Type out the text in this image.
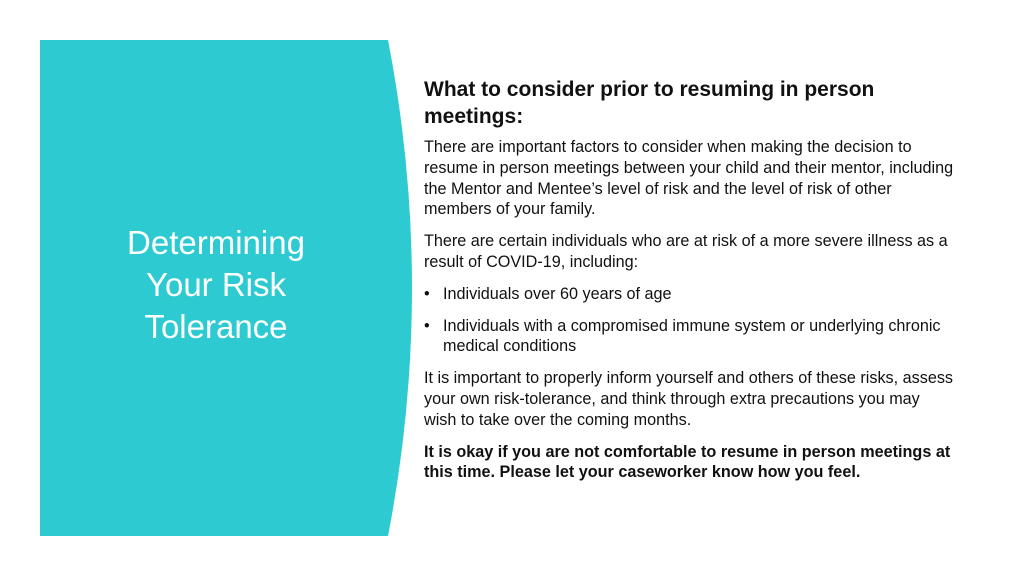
Determining Your Risk Tolerance
What to consider prior to resuming in person meetings:

There are important factors to consider when making the decision to resume in person meetings between your child and their mentor, including the Mentor and Mentee’s level of risk and the level of risk of other members of your family.

There are certain individuals who are at risk of a more severe illness as a result of COVID-19, including:

• Individuals over 60 years of age
• Individuals with a compromised immune system or underlying chronic medical conditions

It is important to properly inform yourself and others of these risks, assess your own risk-tolerance, and think through extra precautions you may wish to take over the coming months.

It is okay if you are not comfortable to resume in person meetings at this time. Please let your caseworker know how you feel.
